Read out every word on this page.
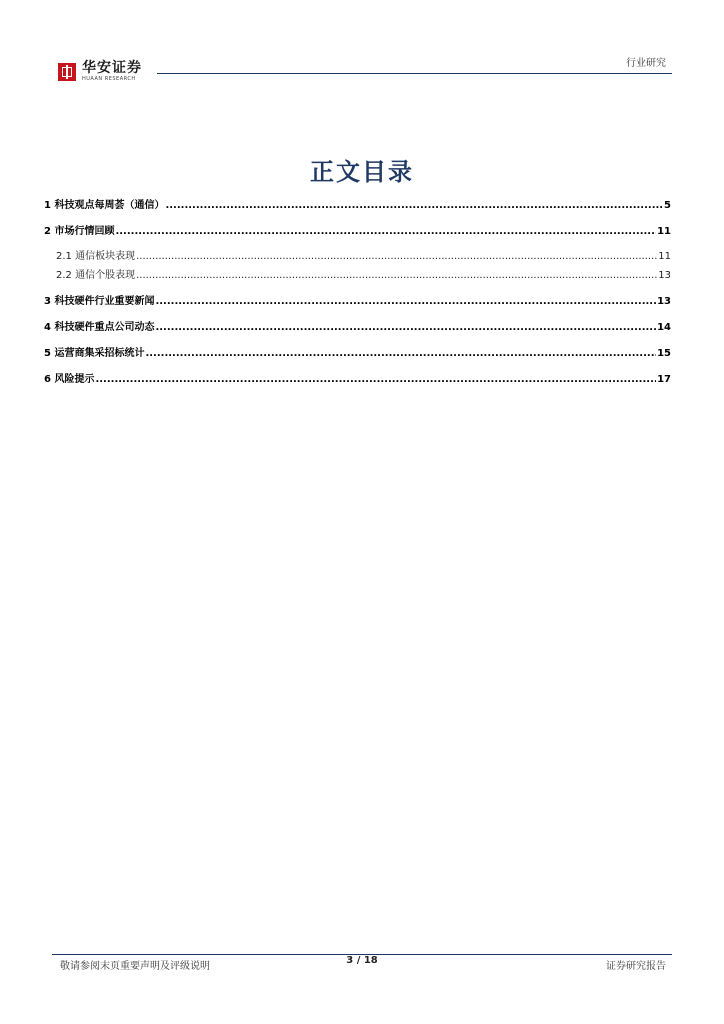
华安证券
HUAAN RESEARCH
行业研究
正文目录
1 科技观点每周荟（通信） .....	5
2 市场行情回顾 .....	11
2.1 通信板块表现 .....	11
2.2 通信个股表现 .....	13
3 科技硬件行业重要新闻 .....	13
4 科技硬件重点公司动态 .....	14
5 运营商集采招标统计 .....	15
6 风险提示 .....	17
敬请参阅末页重要声明及评级说明
3 / 18
证券研究报告
